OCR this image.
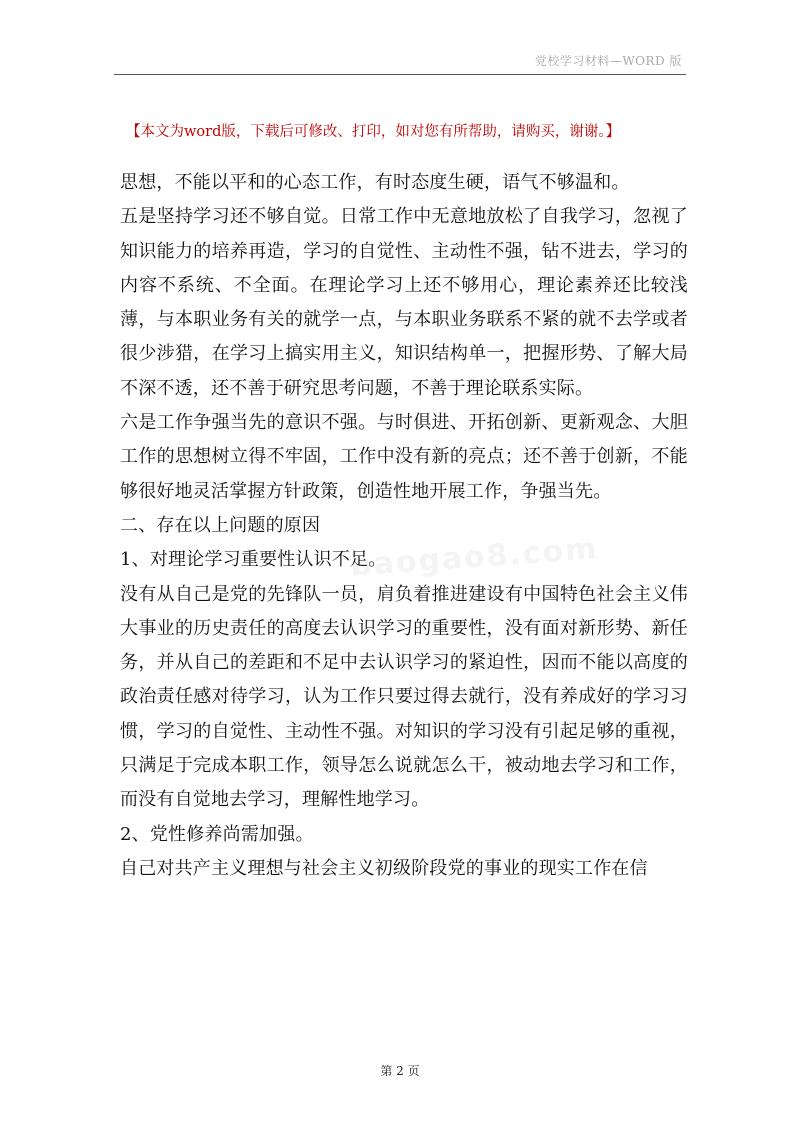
党校学习材料—WORD 版
【本文为word版，下载后可修改、打印，如对您有所帮助，请购买，谢谢。】

思想，不能以平和的心态工作，有时态度生硬，语气不够温和。

五是坚持学习还不够自觉。日常工作中无意地放松了自我学习，忽视了知识能力的培养再造，学习的自觉性、主动性不强，钻不进去，学习的内容不系统、不全面。在理论学习上还不够用心，理论素养还比较浅薄，与本职业务有关的就学一点，与本职业务联系不紧的就不去学或者很少涉猎，在学习上搞实用主义，知识结构单一，把握形势、了解大局不深不透，还不善于研究思考问题，不善于理论联系实际。

六是工作争强当先的意识不强。与时俱进、开拓创新、更新观念、大胆工作的思想树立得不牢固，工作中没有新的亮点；还不善于创新，不能够很好地灵活掌握方针政策，创造性地开展工作，争强当先。

二、存在以上问题的原因

1、对理论学习重要性认识不足。

没有从自己是党的先锋队一员，肩负着推进建设有中国特色社会主义伟大事业的历史责任的高度去认识学习的重要性，没有面对新形势、新任务，并从自己的差距和不足中去认识学习的紧迫性，因而不能以高度的政治责任感对待学习，认为工作只要过得去就行，没有养成好的学习习惯，学习的自觉性、主动性不强。对知识的学习没有引起足够的重视，只满足于完成本职工作，领导怎么说就怎么干，被动地去学习和工作，而没有自觉地去学习，理解性地学习。

2、党性修养尚需加强。

自己对共产主义理想与社会主义初级阶段党的事业的现实工作在信

baogao8.com
第 2 页
